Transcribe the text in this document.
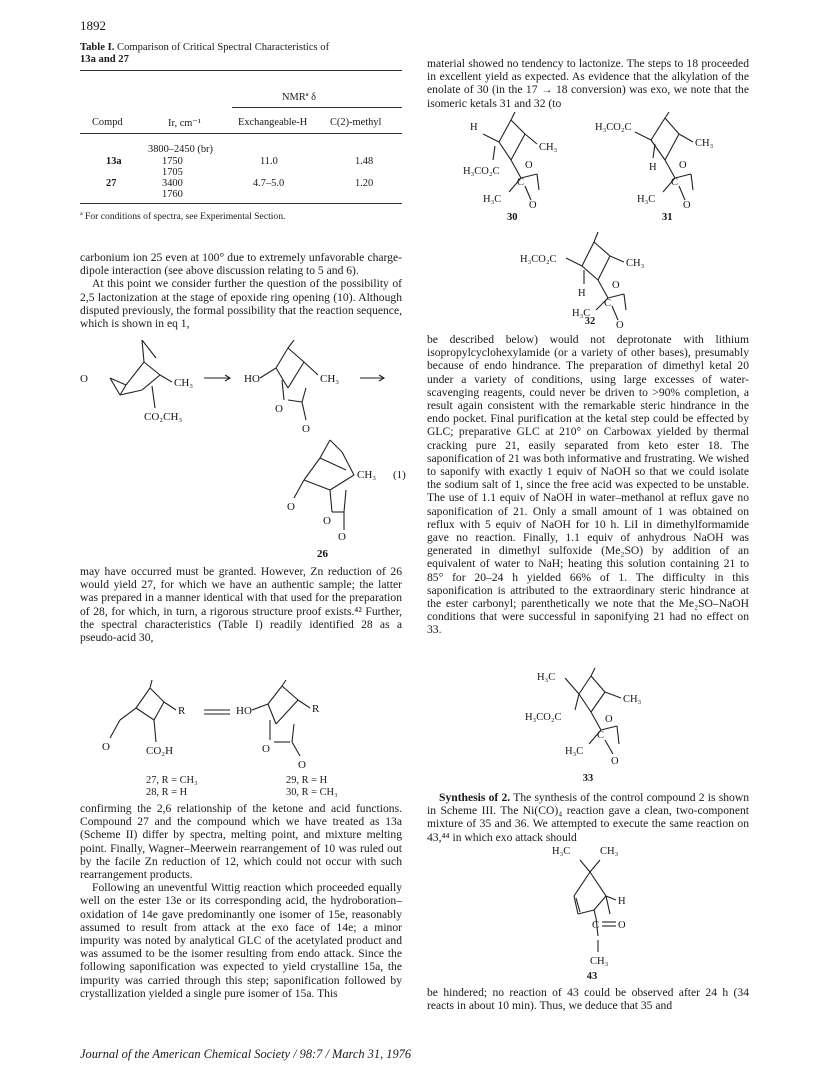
1892
Table I. Comparison of Critical Spectral Characteristics of
13a and 27
NMRª δ
Compd	Ir, cm⁻¹	Exchangeable-H C(2)-methyl
3800–2450 (br)
13a	1750	11.0	1.48
1705
27	3400	4.7–5.0	1.20
1760
ª For conditions of spectra, see Experimental Section.

carbonium ion 25 even at 100° due to extremely unfavorable charge-dipole interaction (see above discussion relating to 5 and 6).

At this point we consider further the question of the possibility of 2,5 lactonization at the stage of epoxide ring opening (10). Although disputed previously, the formal possibility that the reaction sequence, which is shown in eq 1,

O	CH₃
CO₂CH₃
HO	CH₃
O
O
CH₃
O
O
O
(1)
26

may have occurred must be granted. However, Zn reduction of 26 would yield 27, for which we have an authentic sample; the latter was prepared in a manner identical with that used for the preparation of 28, for which, in turn, a rigorous structure proof exists.⁴² Further, the spectral characteristics (Table I) readily identified 28 as a pseudo-acid 30,

O
R
CO₂H
HO	R
O
O
27, R = CH₃
28, R = H
29, R = H
30, R = CH₃

confirming the 2,6 relationship of the ketone and acid functions. Compound 27 and the compound which we have treated as 13a (Scheme II) differ by spectra, melting point, and mixture melting point. Finally, Wagner–Meerwein rearrangement of 10 was ruled out by the facile Zn reduction of 12, which could not occur with such rearrangement products.

Following an uneventful Wittig reaction which proceeded equally well on the ester 13e or its corresponding acid, the hydroboration–oxidation of 14e gave predominantly one isomer of 15e, reasonably assumed to result from attack at the exo face of 14e; a minor impurity was noted by analytical GLC of the acetylated product and was assumed to be the isomer resulting from endo attack. Since the following saponification was expected to yield crystalline 15a, the impurity was carried through this step; saponification followed by crystallization yielded a single pure isomer of 15a. This

material showed no tendency to lactonize. The steps to 18 proceeded in excellent yield as expected. As evidence that the alkylation of the enolate of 30 (in the 17 → 18 conversion) was exo, we note that the isomeric ketals 31 and 32 (to

H
CH₃
H₃CO₂C
C
O
H₃C
O
30
H₃CO₂C
CH₃
H
C
O
H₃C
O
31
H₃CO₂C	CH₃
H
C
O
H₃C
O
32

be described below) would not deprotonate with lithium isopropylcyclohexylamide (or a variety of other bases), presumably because of endo hindrance. The preparation of dimethyl ketal 20 under a variety of conditions, using large excesses of water-scavenging reagents, could never be driven to >90% completion, a result again consistent with the remarkable steric hindrance in the endo pocket. Final purification at the ketal step could be effected by GLC; preparative GLC at 210° on Carbowax yielded by thermal cracking pure 21, easily separated from keto ester 18. The saponification of 21 was both informative and frustrating. We wished to saponify with exactly 1 equiv of NaOH so that we could isolate the sodium salt of 1, since the free acid was expected to be unstable. The use of 1.1 equiv of NaOH in water–methanol at reflux gave no saponification of 21. Only a small amount of 1 was obtained on reflux with 5 equiv of NaOH for 10 h. LiI in dimethylformamide gave no reaction. Finally, 1.1 equiv of anhydrous NaOH was generated in dimethyl sulfoxide (Me₂SO) by addition of an equivalent of water to NaH; heating this solution containing 21 to 85° for 20–24 h yielded 66% of 1. The difficulty in this saponification is attributed to the extraordinary steric hindrance at the ester carbonyl; parenthetically we note that the Me₂SO–NaOH conditions that were successful in saponifying 21 had no effect on 33.

H₃C
CH₃
H₃CO₂C
C
O
H₃C
O
33

Synthesis of 2. The synthesis of the control compound 2 is shown in Scheme III. The Ni(CO)₄ reaction gave a clean, two-component mixture of 35 and 36. We attempted to execute the same reaction on 43,⁴⁴ in which exo attack should

H₃C	CH₃
H
C O
CH₃
43

be hindered; no reaction of 43 could be observed after 24 h (34 reacts in about 10 min). Thus, we deduce that 35 and

Journal of the American Chemical Society / 98:7 / March 31, 1976
